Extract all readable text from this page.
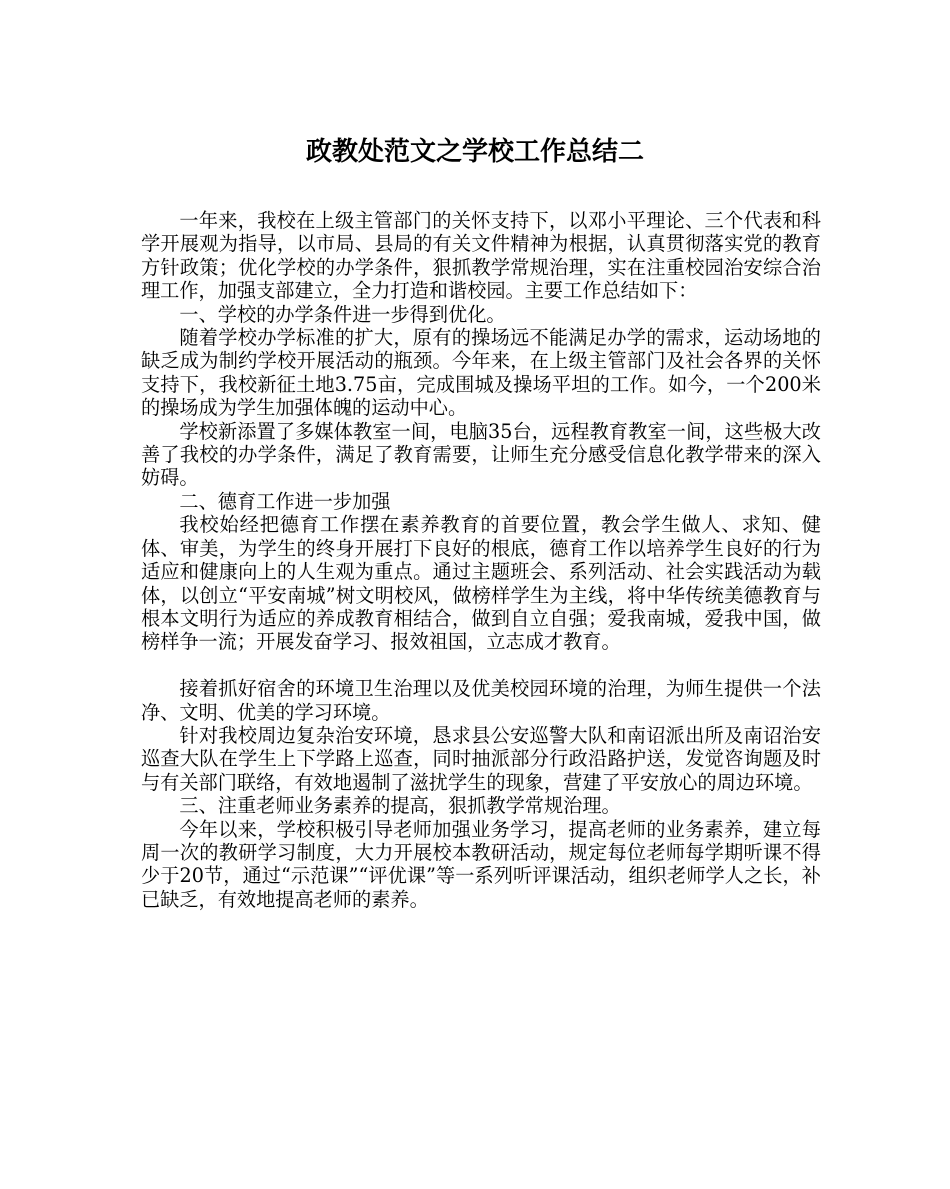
政教处范文之学校工作总结二

一年来，我校在上级主管部门的关怀支持下，以邓小平理论、三个代表和科学开展观为指导，以市局、县局的有关文件精神为根据，认真贯彻落实党的教育方针政策；优化学校的办学条件，狠抓教学常规治理，实在注重校园治安综合治理工作，加强支部建立，全力打造和谐校园。主要工作总结如下：

一、学校的办学条件进一步得到优化。

随着学校办学标准的扩大，原有的操场远不能满足办学的需求，运动场地的缺乏成为制约学校开展活动的瓶颈。今年来，在上级主管部门及社会各界的关怀支持下，我校新征土地3.75亩，完成围城及操场平坦的工作。如今，一个200米的操场成为学生加强体魄的运动中心。

学校新添置了多媒体教室一间，电脑35台，远程教育教室一间，这些极大改善了我校的办学条件，满足了教育需要，让师生充分感受信息化教学带来的深入妨碍。

二、德育工作进一步加强

我校始经把德育工作摆在素养教育的首要位置，教会学生做人、求知、健体、审美，为学生的终身开展打下良好的根底，德育工作以培养学生良好的行为适应和健康向上的人生观为重点。通过主题班会、系列活动、社会实践活动为载体，以创立“平安南城”树文明校风，做榜样学生为主线，将中华传统美德教育与根本文明行为适应的养成教育相结合，做到自立自强；爱我南城，爱我中国，做榜样争一流；开展发奋学习、报效祖国，立志成才教育。

接着抓好宿舍的环境卫生治理以及优美校园环境的治理，为师生提供一个法净、文明、优美的学习环境。

针对我校周边复杂治安环境，恳求县公安巡警大队和南诏派出所及南诏治安巡查大队在学生上下学路上巡查，同时抽派部分行政沿路护送，发觉咨询题及时与有关部门联络，有效地遏制了滋扰学生的现象，营建了平安放心的周边环境。

三、注重老师业务素养的提高，狠抓教学常规治理。

今年以来，学校积极引导老师加强业务学习，提高老师的业务素养，建立每周一次的教研学习制度，大力开展校本教研活动，规定每位老师每学期听课不得少于20节，通过“示范课”“评优课”等一系列听评课活动，组织老师学人之长，补已缺乏，有效地提高老师的素养。
